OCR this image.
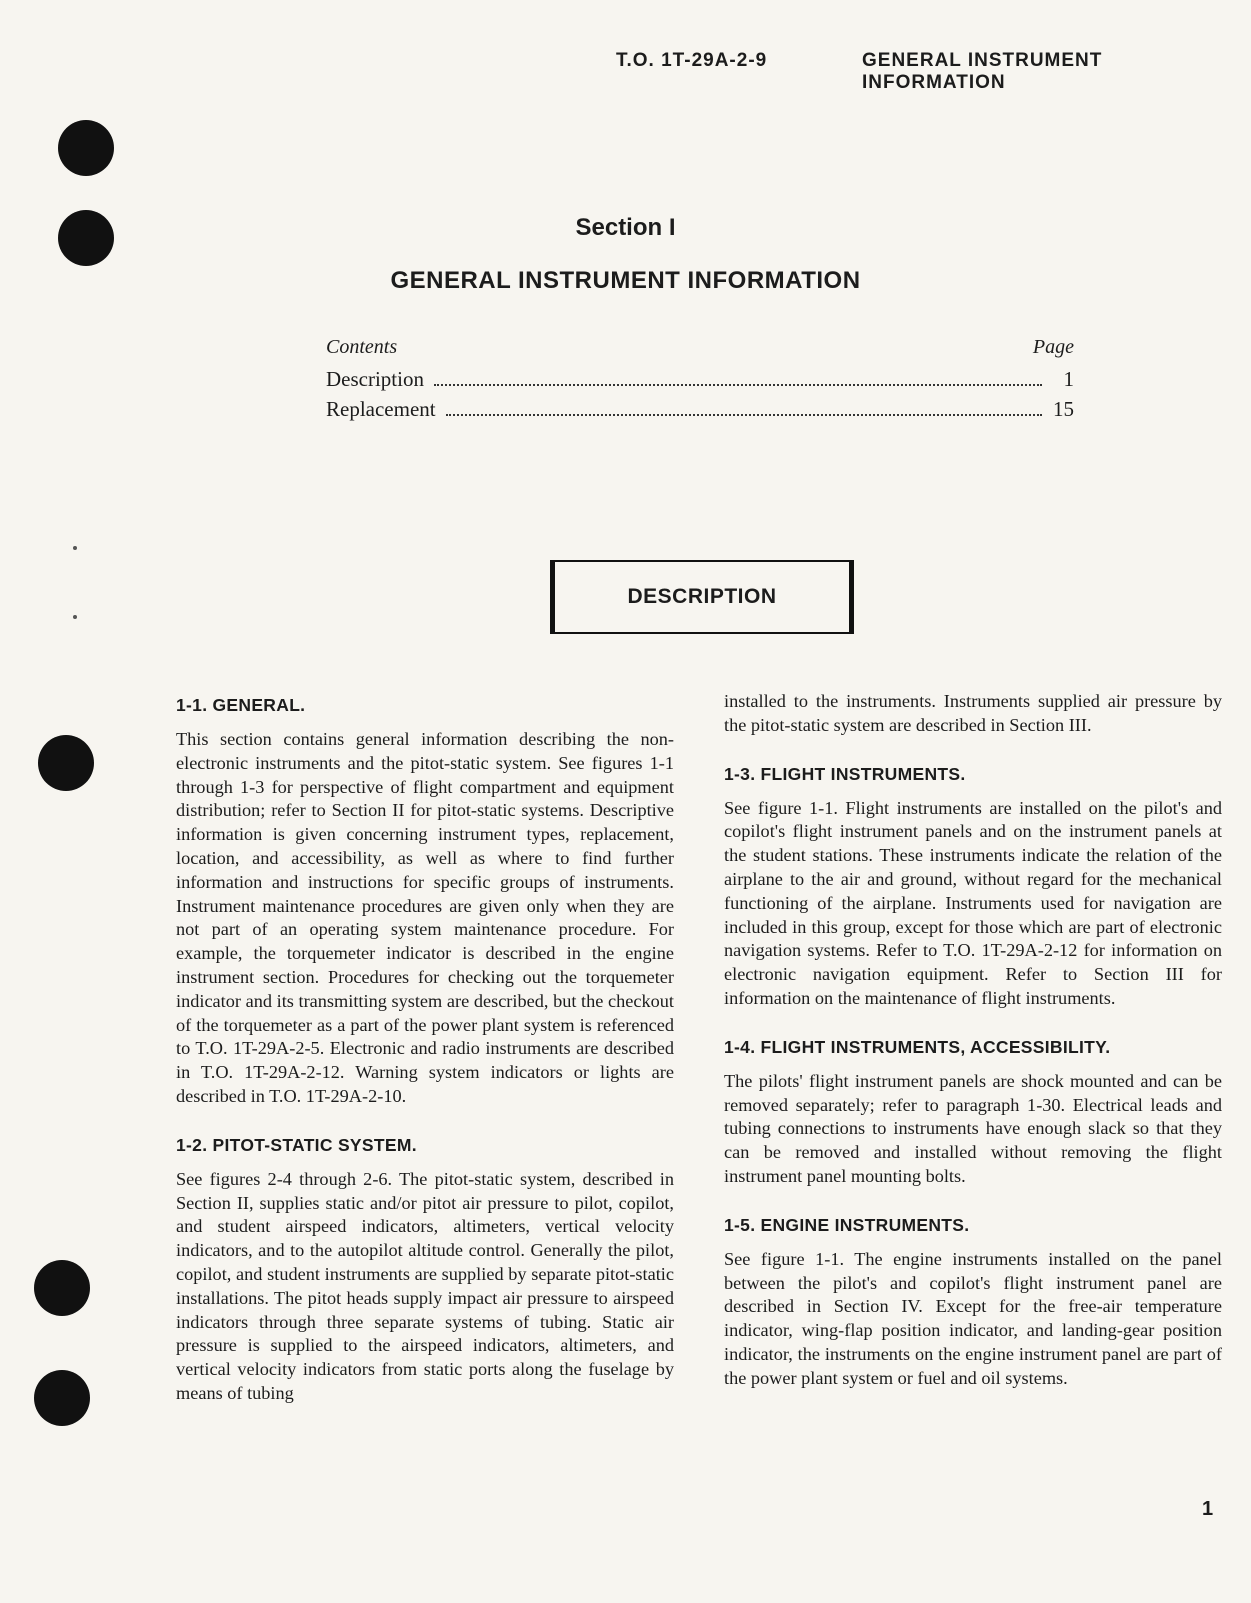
T.O. 1T-29A-2-9	GENERAL INSTRUMENT INFORMATION
Section I
GENERAL INSTRUMENT INFORMATION
Contents	Page
Description	1
Replacement	15
DESCRIPTION
1-1. GENERAL.

This section contains general information describing the non-electronic instruments and the pitot-static system. See figures 1-1 through 1-3 for perspective of flight compartment and equipment distribution; refer to Section II for pitot-static systems. Descriptive information is given concerning instrument types, replacement, location, and accessibility, as well as where to find further information and instructions for specific groups of instruments. Instrument maintenance procedures are given only when they are not part of an operating system maintenance procedure. For example, the torquemeter indicator is described in the engine instrument section. Procedures for checking out the torquemeter indicator and its transmitting system are described, but the checkout of the torquemeter as a part of the power plant system is referenced to T.O. 1T-29A-2-5. Electronic and radio instruments are described in T.O. 1T-29A-2-12. Warning system indicators or lights are described in T.O. 1T-29A-2-10.

1-2. PITOT-STATIC SYSTEM.

See figures 2-4 through 2-6. The pitot-static system, described in Section II, supplies static and/or pitot air pressure to pilot, copilot, and student airspeed indicators, altimeters, vertical velocity indicators, and to the autopilot altitude control. Generally the pilot, copilot, and student instruments are supplied by separate pitot-static installations. The pitot heads supply impact air pressure to airspeed indicators through three separate systems of tubing. Static air pressure is supplied to the airspeed indicators, altimeters, and vertical velocity indicators from static ports along the fuselage by means of tubing

installed to the instruments. Instruments supplied air pressure by the pitot-static system are described in Section III.

1-3. FLIGHT INSTRUMENTS.

See figure 1-1. Flight instruments are installed on the pilot's and copilot's flight instrument panels and on the instrument panels at the student stations. These instruments indicate the relation of the airplane to the air and ground, without regard for the mechanical functioning of the airplane. Instruments used for navigation are included in this group, except for those which are part of electronic navigation systems. Refer to T.O. 1T-29A-2-12 for information on electronic navigation equipment. Refer to Section III for information on the maintenance of flight instruments.

1-4. FLIGHT INSTRUMENTS, ACCESSIBILITY.

The pilots' flight instrument panels are shock mounted and can be removed separately; refer to paragraph 1-30. Electrical leads and tubing connections to instruments have enough slack so that they can be removed and installed without removing the flight instrument panel mounting bolts.

1-5. ENGINE INSTRUMENTS.

See figure 1-1. The engine instruments installed on the panel between the pilot's and copilot's flight instrument panel are described in Section IV. Except for the free-air temperature indicator, wing-flap position indicator, and landing-gear position indicator, the instruments on the engine instrument panel are part of the power plant system or fuel and oil systems.

1
